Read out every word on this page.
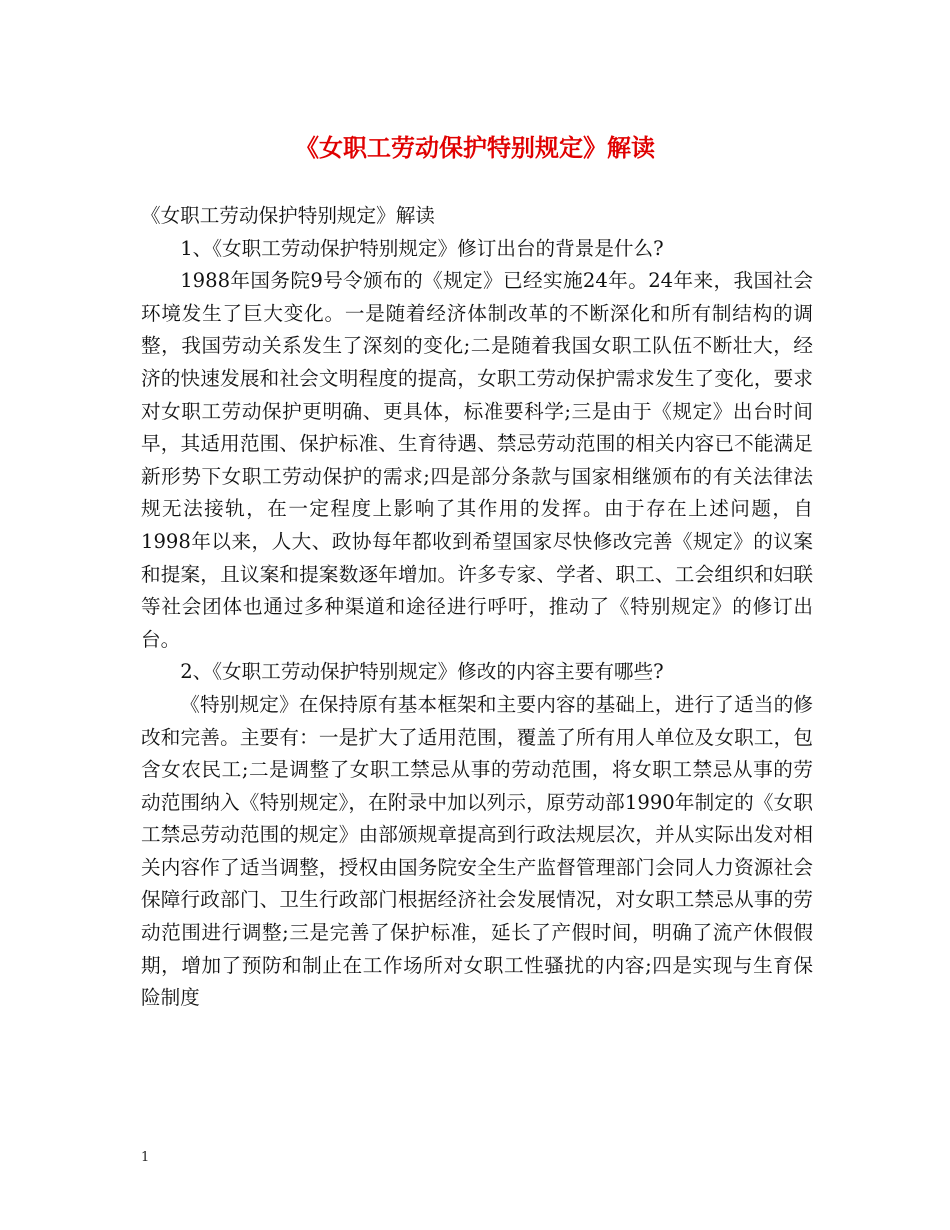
《女职工劳动保护特别规定》解读

《女职工劳动保护特别规定》解读

1、《女职工劳动保护特别规定》修订出台的背景是什么?

1988年国务院9号令颁布的《规定》已经实施24年。24年来，我国社会环境发生了巨大变化。一是随着经济体制改革的不断深化和所有制结构的调整，我国劳动关系发生了深刻的变化;二是随着我国女职工队伍不断壮大，经济的快速发展和社会文明程度的提高，女职工劳动保护需求发生了变化，要求对女职工劳动保护更明确、更具体，标准要科学;三是由于《规定》出台时间早，其适用范围、保护标准、生育待遇、禁忌劳动范围的相关内容已不能满足新形势下女职工劳动保护的需求;四是部分条款与国家相继颁布的有关法律法规无法接轨，在一定程度上影响了其作用的发挥。由于存在上述问题，自1998年以来，人大、政协每年都收到希望国家尽快修改完善《规定》的议案和提案，且议案和提案数逐年增加。许多专家、学者、职工、工会组织和妇联等社会团体也通过多种渠道和途径进行呼吁，推动了《特别规定》的修订出台。

2、《女职工劳动保护特别规定》修改的内容主要有哪些?

《特别规定》在保持原有基本框架和主要内容的基础上，进行了适当的修改和完善。主要有：一是扩大了适用范围，覆盖了所有用人单位及女职工，包含女农民工;二是调整了女职工禁忌从事的劳动范围，将女职工禁忌从事的劳动范围纳入《特别规定》，在附录中加以列示，原劳动部1990年制定的《女职工禁忌劳动范围的规定》由部颁规章提高到行政法规层次，并从实际出发对相关内容作了适当调整，授权由国务院安全生产监督管理部门会同人力资源社会保障行政部门、卫生行政部门根据经济社会发展情况，对女职工禁忌从事的劳动范围进行调整;三是完善了保护标准，延长了产假时间，明确了流产休假假期，增加了预防和制止在工作场所对女职工性骚扰的内容;四是实现与生育保险制度

1
